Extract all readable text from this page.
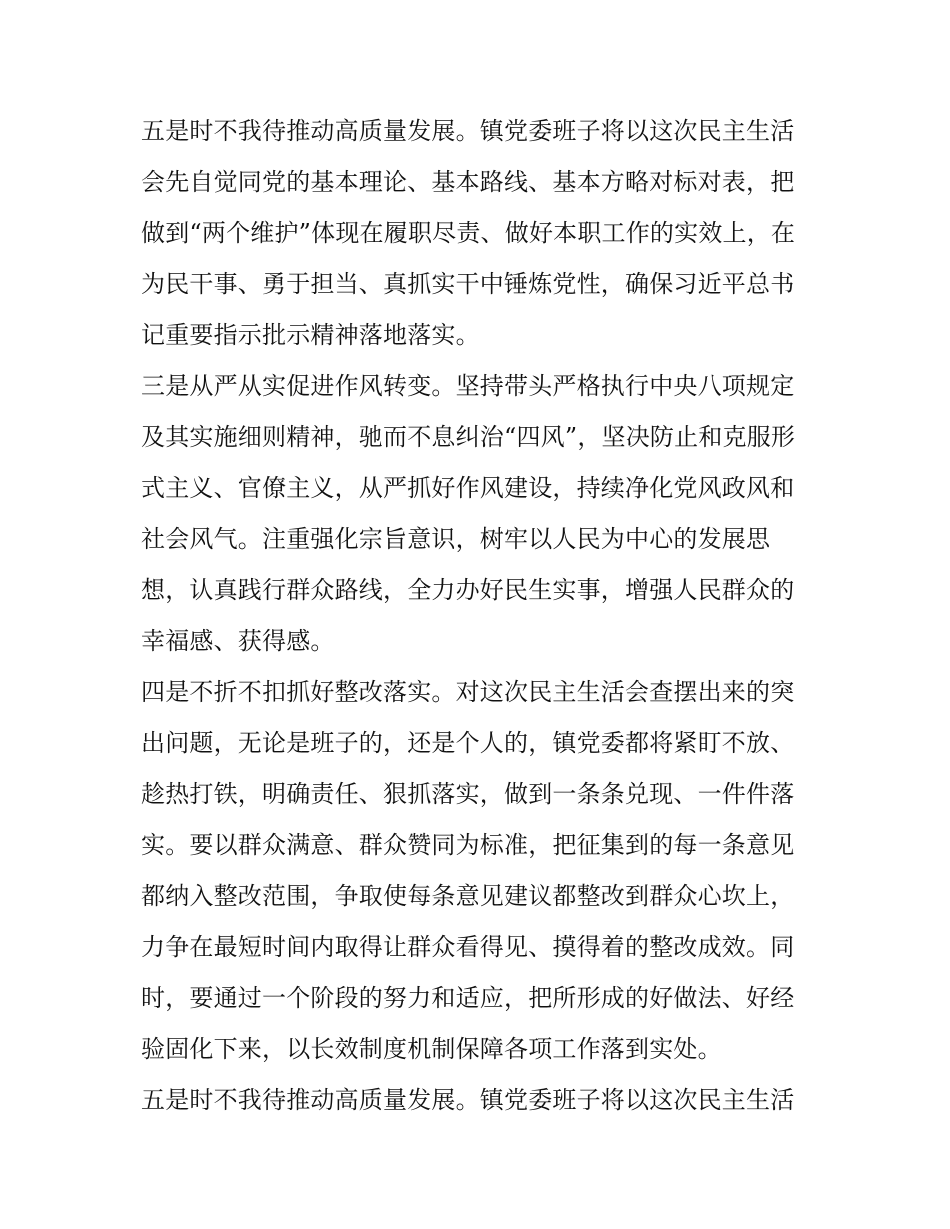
五是时不我待推动高质量发展。镇党委班子将以这次民主生活
会先自觉同党的基本理论、基本路线、基本方略对标对表，把
做到“两个维护”体现在履职尽责、做好本职工作的实效上，在
为民干事、勇于担当、真抓实干中锤炼党性，确保习近平总书
记重要指示批示精神落地落实。
三是从严从实促进作风转变。坚持带头严格执行中央八项规定
及其实施细则精神，驰而不息纠治“四风”，坚决防止和克服形
式主义、官僚主义，从严抓好作风建设，持续净化党风政风和
社会风气。注重强化宗旨意识，树牢以人民为中心的发展思
想，认真践行群众路线，全力办好民生实事，增强人民群众的
幸福感、获得感。
四是不折不扣抓好整改落实。对这次民主生活会查摆出来的突
出问题，无论是班子的，还是个人的，镇党委都将紧盯不放、
趁热打铁，明确责任、狠抓落实，做到一条条兑现、一件件落
实。要以群众满意、群众赞同为标准，把征集到的每一条意见
都纳入整改范围，争取使每条意见建议都整改到群众心坎上，
力争在最短时间内取得让群众看得见、摸得着的整改成效。同
时，要通过一个阶段的努力和适应，把所形成的好做法、好经
验固化下来，以长效制度机制保障各项工作落到实处。
五是时不我待推动高质量发展。镇党委班子将以这次民主生活
